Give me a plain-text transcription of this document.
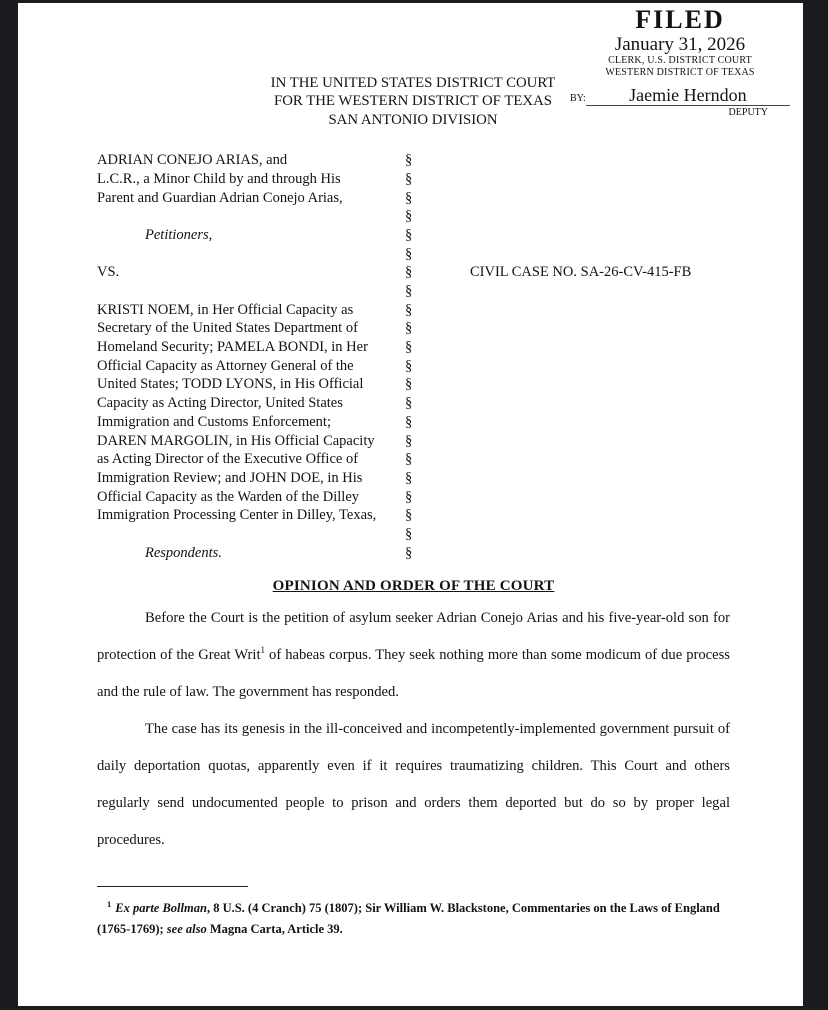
FILED
January 31, 2026
CLERK, U.S. DISTRICT COURT
WESTERN DISTRICT OF TEXAS
BY:	Jaemie Herndon
DEPUTY
IN THE UNITED STATES DISTRICT COURT
FOR THE WESTERN DISTRICT OF TEXAS
SAN ANTONIO DIVISION
CIVIL CASE NO. SA-26-CV-415-FB
ADRIAN CONEJO ARIAS, and	§
L.C.R., a Minor Child by and through His	§
Parent and Guardian Adrian Conejo Arias,	§
§
Petitioners,	§
§
VS.	§
§
KRISTI NOEM, in Her Official Capacity as	§
Secretary of the United States Department of	§
Homeland Security; PAMELA BONDI, in Her	§
Official Capacity as Attorney General of the	§
United States; TODD LYONS, in His Official	§
Capacity as Acting Director, United States	§
Immigration and Customs Enforcement;	§
DAREN MARGOLIN, in His Official Capacity	§
as Acting Director of the Executive Office of	§
Immigration Review; and JOHN DOE, in His	§
Official Capacity as the Warden of the Dilley	§
Immigration Processing Center in Dilley, Texas,	§
§
Respondents.	§
OPINION AND ORDER OF THE COURT

Before the Court is the petition of asylum seeker Adrian Conejo Arias and his five-year-old son for protection of the Great Writ$^1$ of habeas corpus. They seek nothing more than some modicum of due process and the rule of law. The government has responded.

The case has its genesis in the ill-conceived and incompetently-implemented government pursuit of daily deportation quotas, apparently even if it requires traumatizing children. This Court and others regularly send undocumented people to prison and orders them deported but do so by proper legal procedures.

$^1$ Ex parte Bollman, 8 U.S. (4 Cranch) 75 (1807); Sir William W. Blackstone, Commentaries on the Laws of England (1765-1769); see also Magna Carta, Article 39.
